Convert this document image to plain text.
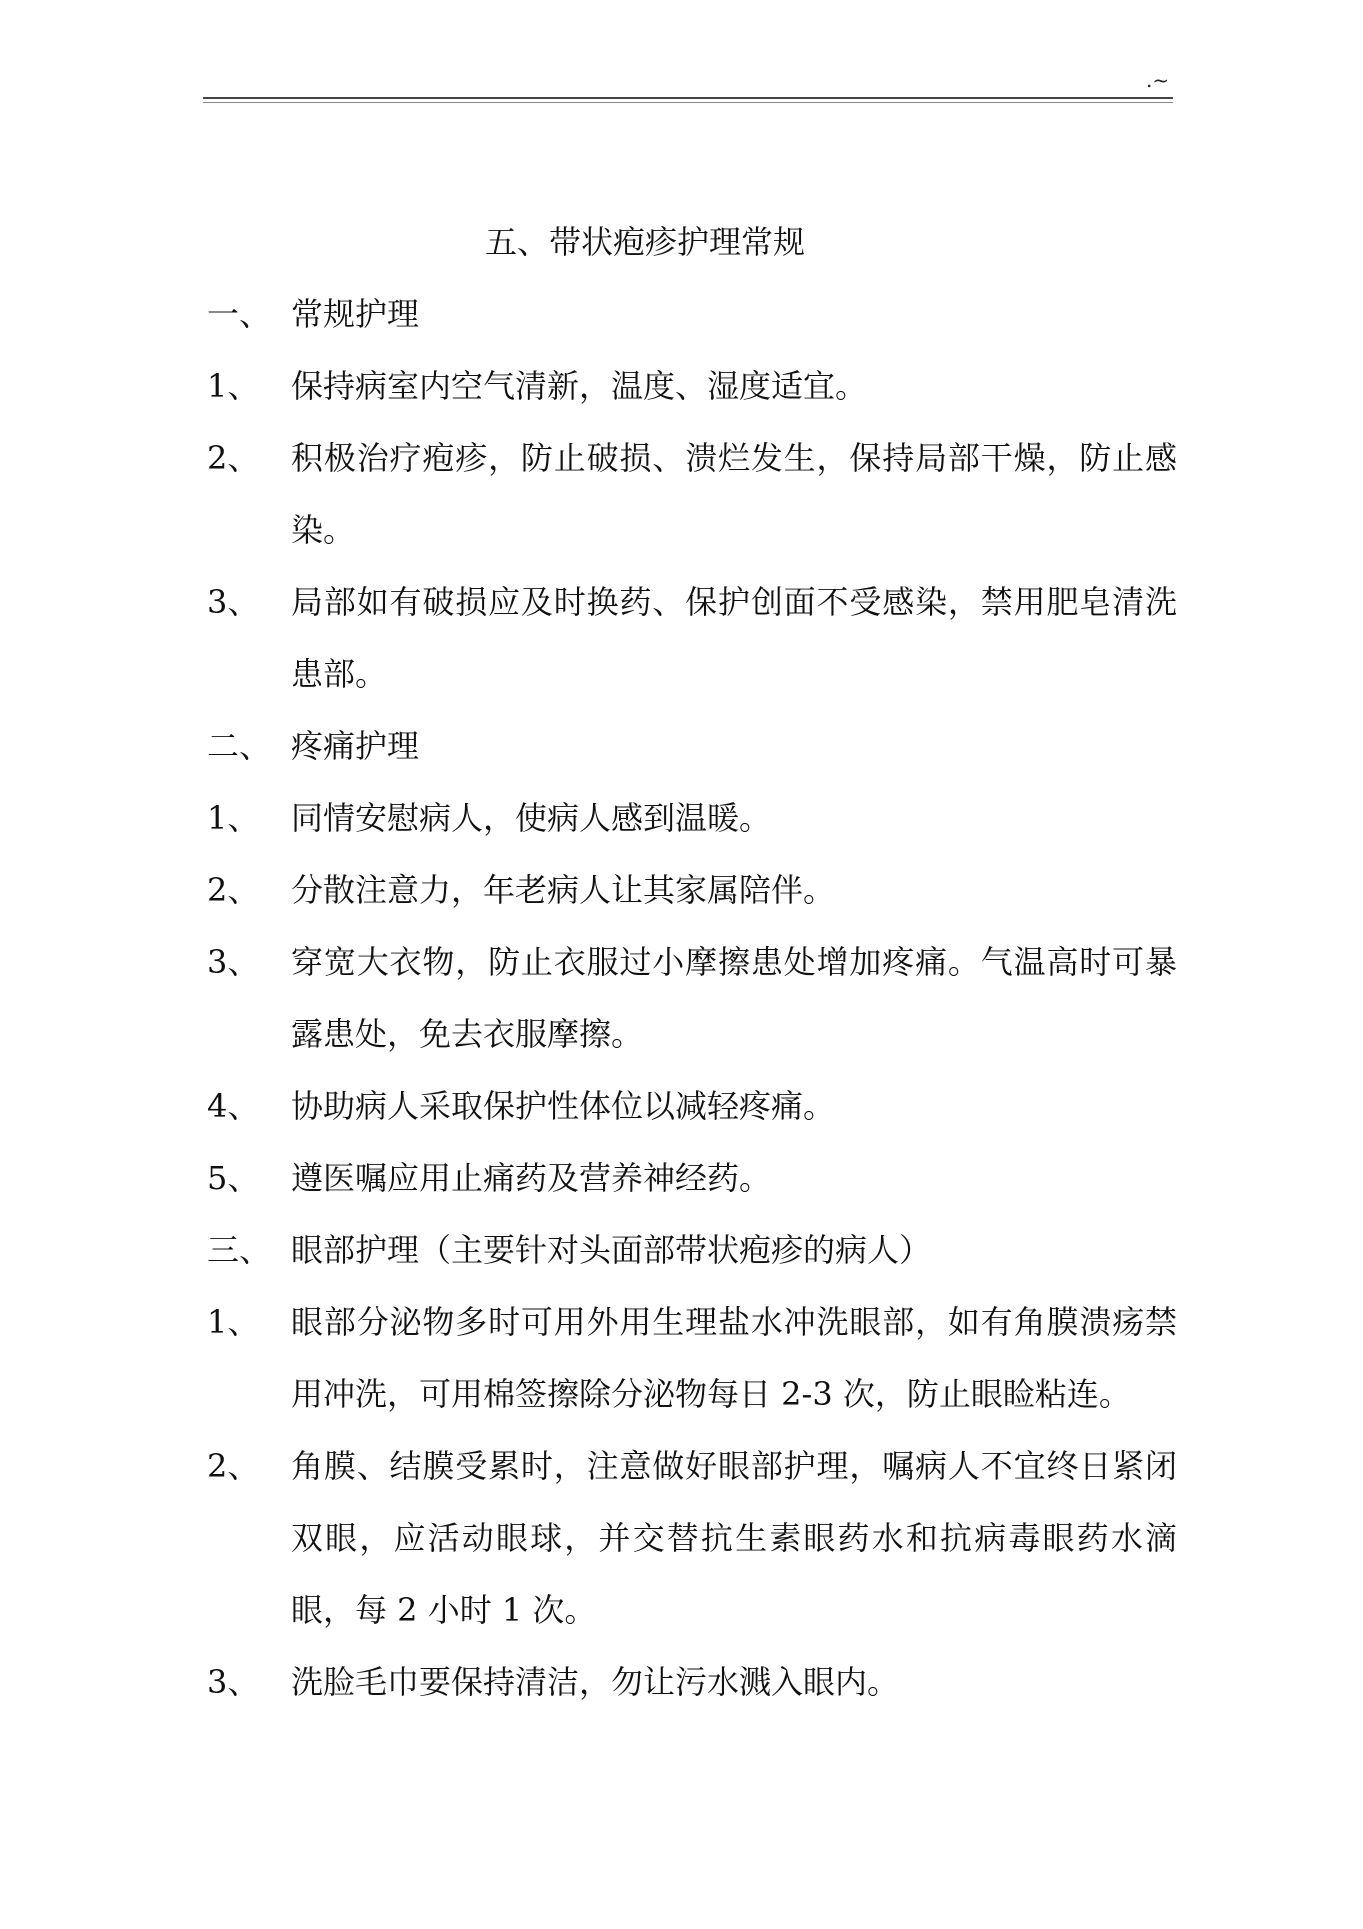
.~
五、带状疱疹护理常规
一、 常规护理
1、 保持病室内空气清新，温度、湿度适宜。
2、 积极治疗疱疹，防止破损、溃烂发生，保持局部干燥，防止感染。
3、 局部如有破损应及时换药、保护创面不受感染，禁用肥皂清洗患部。
二、 疼痛护理
1、 同情安慰病人，使病人感到温暖。
2、 分散注意力，年老病人让其家属陪伴。
3、 穿宽大衣物，防止衣服过小摩擦患处增加疼痛。气温高时可暴露患处，免去衣服摩擦。
4、 协助病人采取保护性体位以减轻疼痛。
5、 遵医嘱应用止痛药及营养神经药。
三、 眼部护理（主要针对头面部带状疱疹的病人）
1、 眼部分泌物多时可用外用生理盐水冲洗眼部，如有角膜溃疡禁用冲洗，可用棉签擦除分泌物每日 2-3 次，防止眼睑粘连。
2、 角膜、结膜受累时，注意做好眼部护理，嘱病人不宜终日紧闭双眼，应活动眼球，并交替抗生素眼药水和抗病毒眼药水滴眼，每 2 小时 1 次。
3、 洗脸毛巾要保持清洁，勿让污水溅入眼内。
